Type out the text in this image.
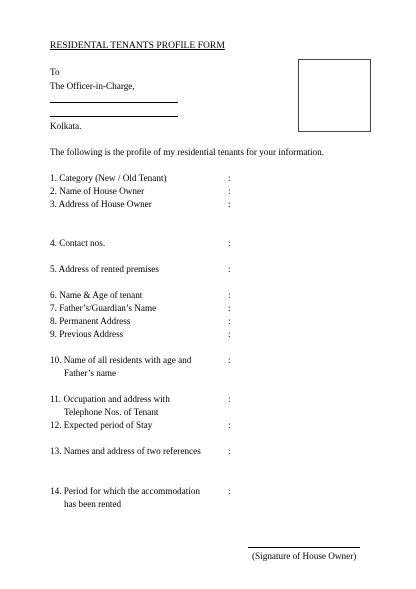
RESIDENTAL TENANTS PROFILE FORM
To
The Officer-in-Charge,
Kolkata.
The following is the profile of my residential tenants for your information.
1. Category (New / Old Tenant)	:
2. Name of House Owner	:
3. Address of House Owner	:
4. Contact nos.	:
5. Address of rented premises	:
6. Name & Age of tenant	:
7. Father’s/Guardian’s Name	:
8. Permanent Address	:
9. Previous Address	:
10. Name of all residents with age and
Father’s name
:
11. Occupation and address with
Telephone Nos. of Tenant
:
12. Expected period of Stay	:
13. Names and address of two references	:
14. Period for which the accommodation
has been rented
:
(Signature of House Owner)
